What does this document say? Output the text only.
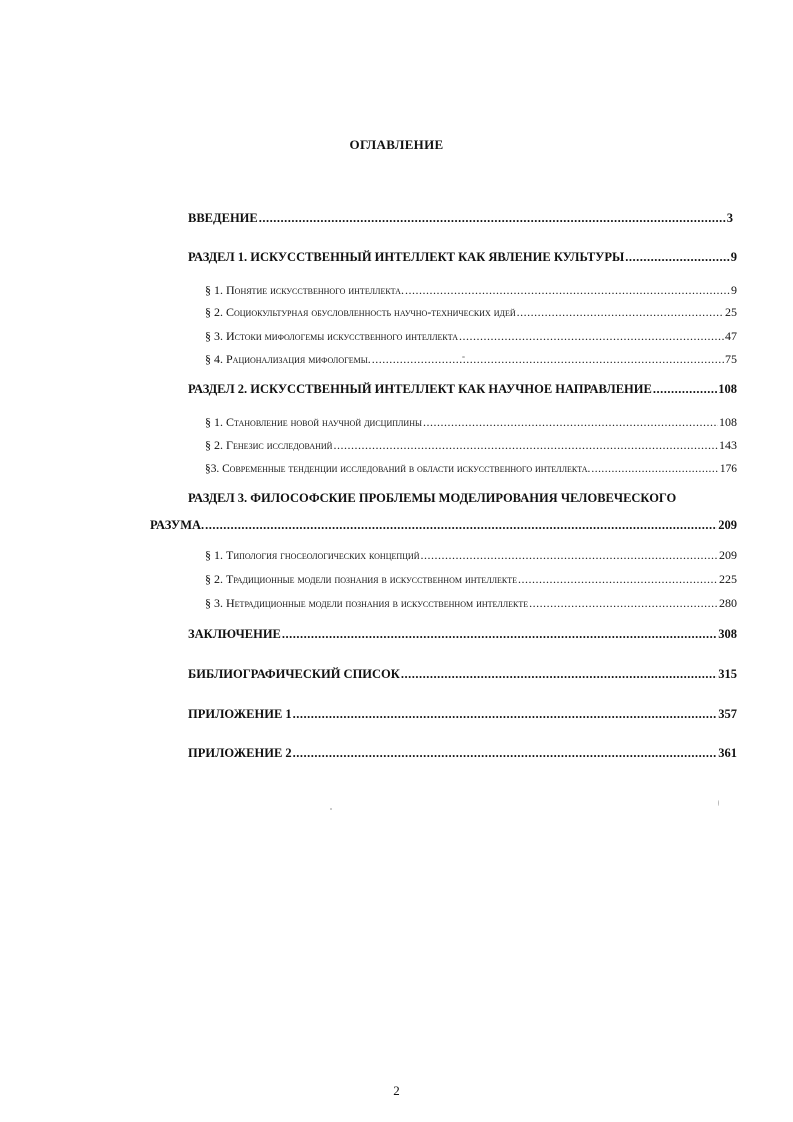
ОГЛАВЛЕНИЕ
ВВЕДЕНИЕ .....	3
РАЗДЕЛ 1. ИСКУССТВЕННЫЙ ИНТЕЛЛЕКТ КАК ЯВЛЕНИЕ КУЛЬТУРЫ .....	9
§ 1. Понятие искусственного интеллекта. .....	9
§ 2. Социокультурная обусловленность научно-технических идей .....	25
§ 3. Истоки мифологемы искусственного интеллекта .....	47
§ 4. Рационализация мифологемы. .....	75
РАЗДЕЛ 2. ИСКУССТВЕННЫЙ ИНТЕЛЛЕКТ КАК НАУЧНОЕ НАПРАВЛЕНИЕ .....	108
§ 1. Становление новой научной дисциплины .....	108
§ 2. Генезис исследований .....	143
§3. Современные тенденции исследований в области искусственного интеллекта. .....	176
РАЗДЕЛ 3. ФИЛОСОФСКИЕ ПРОБЛЕМЫ МОДЕЛИРОВАНИЯ ЧЕЛОВЕЧЕСКОГО
РАЗУМА. .....	209
§ 1. Типология гносеологических концепций .....	209
§ 2. Традиционные модели познания в искусственном интеллекте .....	225
§ 3. Нетрадиционные модели познания в искусственном интеллекте .....	280
ЗАКЛЮЧЕНИЕ .....	308
БИБЛИОГРАФИЧЕСКИЙ СПИСОК .....	315
ПРИЛОЖЕНИЕ 1 .....	357
ПРИЛОЖЕНИЕ 2 .....	361
2
